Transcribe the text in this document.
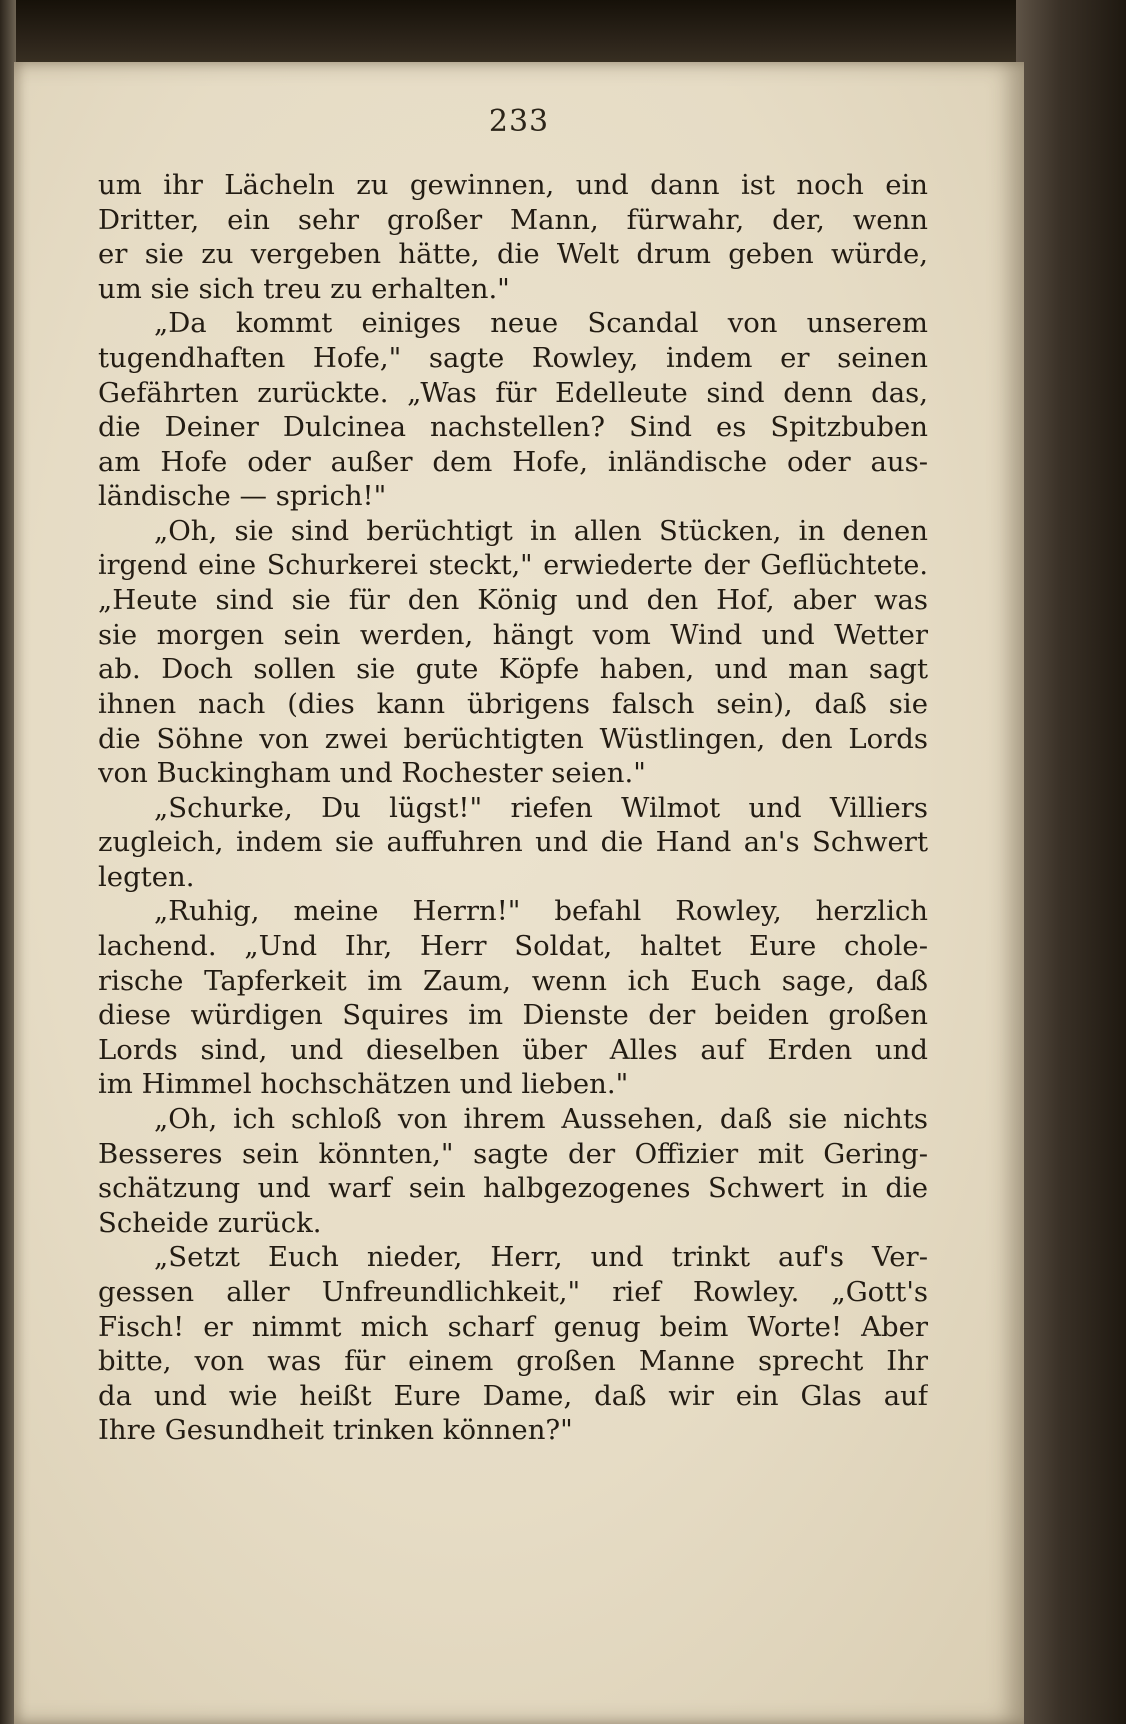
233
um ihr Lächeln zu gewinnen, und dann ist noch ein
Dritter, ein sehr großer Mann, fürwahr, der, wenn
er sie zu vergeben hätte, die Welt drum geben würde,
um sie sich treu zu erhalten."
„Da kommt einiges neue Scandal von unserem
tugendhaften Hofe," sagte Rowley, indem er seinen
Gefährten zurückte. „Was für Edelleute sind denn das,
die Deiner Dulcinea nachstellen? Sind es Spitzbuben
am Hofe oder außer dem Hofe, inländische oder aus-
ländische — sprich!"
„Oh, sie sind berüchtigt in allen Stücken, in denen
irgend eine Schurkerei steckt," erwiederte der Geflüchtete.
„Heute sind sie für den König und den Hof, aber was
sie morgen sein werden, hängt vom Wind und Wetter
ab. Doch sollen sie gute Köpfe haben, und man sagt
ihnen nach (dies kann übrigens falsch sein), daß sie
die Söhne von zwei berüchtigten Wüstlingen, den Lords
von Buckingham und Rochester seien."
„Schurke, Du lügst!" riefen Wilmot und Villiers
zugleich, indem sie auffuhren und die Hand an's Schwert
legten.
„Ruhig, meine Herrn!" befahl Rowley, herzlich
lachend. „Und Ihr, Herr Soldat, haltet Eure chole-
rische Tapferkeit im Zaum, wenn ich Euch sage, daß
diese würdigen Squires im Dienste der beiden großen
Lords sind, und dieselben über Alles auf Erden und
im Himmel hochschätzen und lieben."
„Oh, ich schloß von ihrem Aussehen, daß sie nichts
Besseres sein könnten," sagte der Offizier mit Gering-
schätzung und warf sein halbgezogenes Schwert in die
Scheide zurück.
„Setzt Euch nieder, Herr, und trinkt auf's Ver-
gessen aller Unfreundlichkeit," rief Rowley. „Gott's
Fisch! er nimmt mich scharf genug beim Worte! Aber
bitte, von was für einem großen Manne sprecht Ihr
da und wie heißt Eure Dame, daß wir ein Glas auf
Ihre Gesundheit trinken können?"
